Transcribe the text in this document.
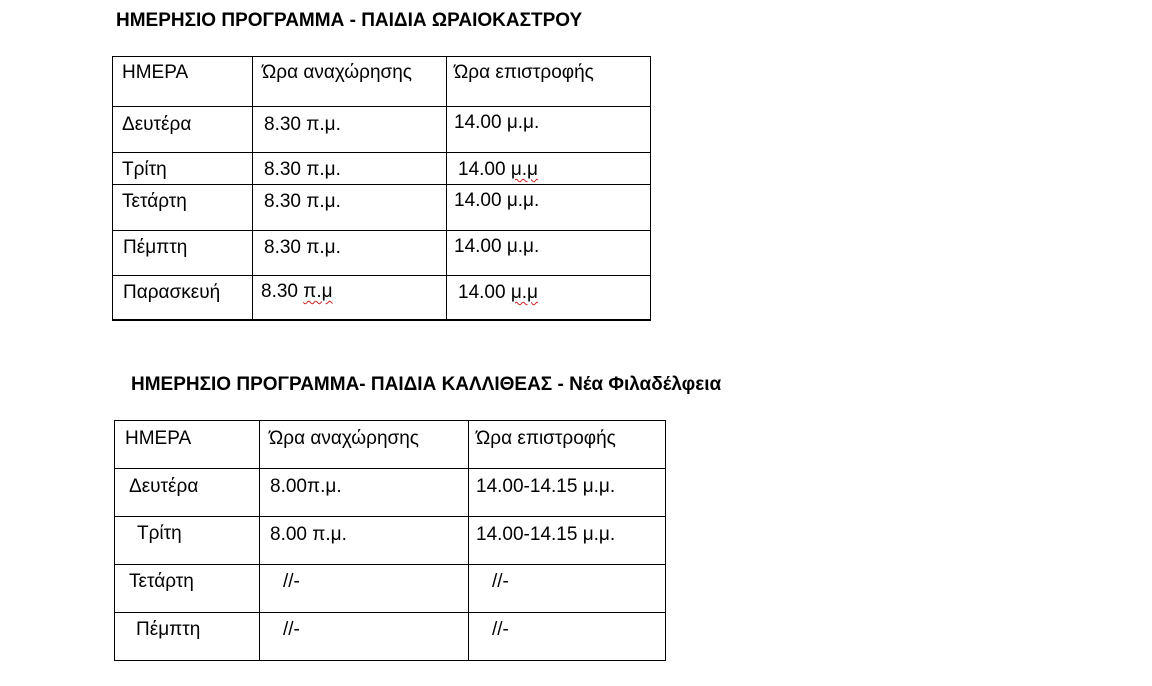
ΗΜΕΡΗΣΙΟ ΠΡΟΓΡΑΜΜΑ - ΠΑΙΔΙΑ ΩΡΑΙΟΚΑΣΤΡΟΥ
ΗΜΕΡΑ	Ώρα αναχώρησης	Ώρα επιστροφής

Δευτέρα	8.30 π.μ.	14.00 μ.μ.

Τρίτη	8.30 π.μ.	14.00 μ.μ

Τετάρτη	8.30 π.μ.	14.00 μ.μ.

Πέμπτη	8.30 π.μ.	14.00 μ.μ.

Παρασκευή	8.30 π.μ	14.00 μ.μ
ΗΜΕΡΗΣΙΟ ΠΡΟΓΡΑΜΜΑ- ΠΑΙΔΙΑ ΚΑΛΛΙΘΕΑΣ - Νέα Φιλαδέλφεια
ΗΜΕΡΑ	Ώρα αναχώρησης	Ώρα επιστροφής

Δευτέρα	8.00π.μ.	14.00-14.15 μ.μ.

Τρίτη	8.00 π.μ.	14.00-14.15 μ.μ.

Τετάρτη	//-	//-

Πέμπτη	//-	//-
